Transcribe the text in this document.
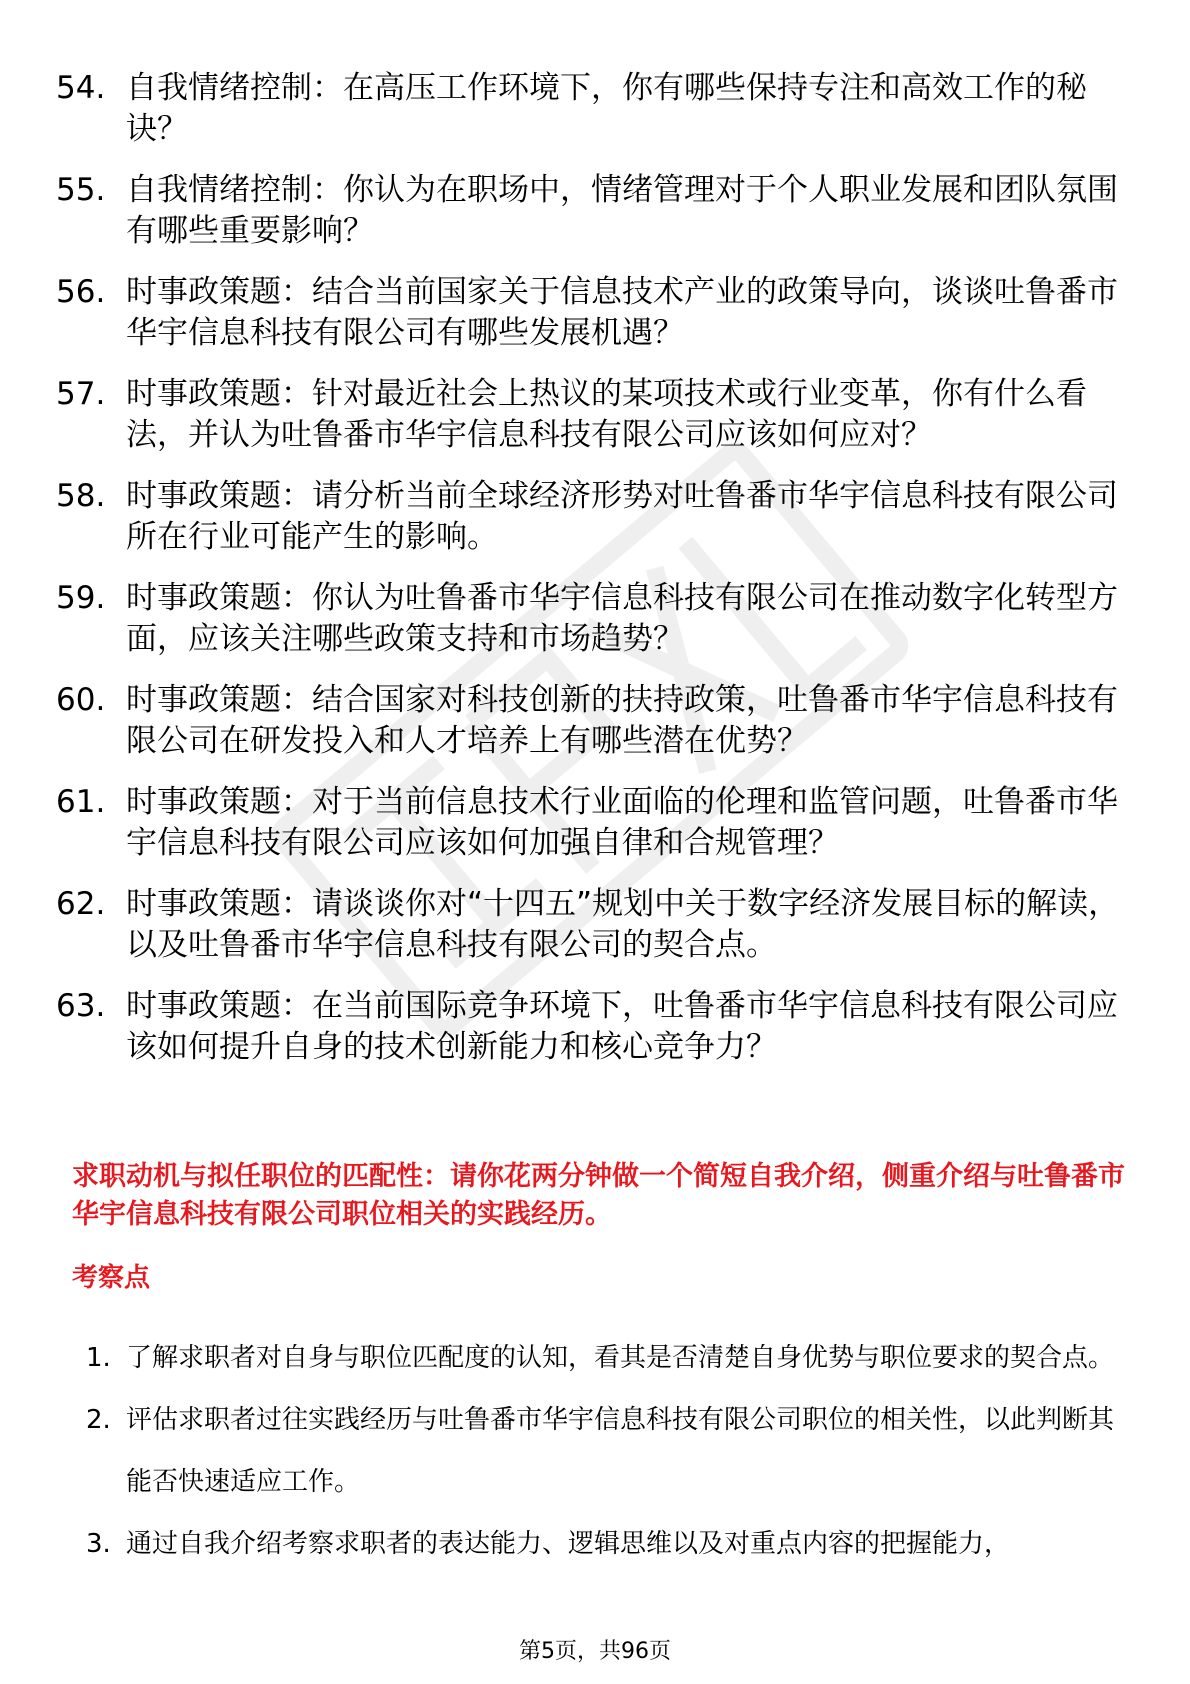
54. 自我情绪控制：在高压工作环境下，你有哪些保持专注和高效工作的秘诀？
55. 自我情绪控制：你认为在职场中，情绪管理对于个人职业发展和团队氛围有哪些重要影响？
56. 时事政策题：结合当前国家关于信息技术产业的政策导向，谈谈吐鲁番市华宇信息科技有限公司有哪些发展机遇？
57. 时事政策题：针对最近社会上热议的某项技术或行业变革，你有什么看法，并认为吐鲁番市华宇信息科技有限公司应该如何应对？
58. 时事政策题：请分析当前全球经济形势对吐鲁番市华宇信息科技有限公司所在行业可能产生的影响。
59. 时事政策题：你认为吐鲁番市华宇信息科技有限公司在推动数字化转型方面，应该关注哪些政策支持和市场趋势？
60. 时事政策题：结合国家对科技创新的扶持政策，吐鲁番市华宇信息科技有限公司在研发投入和人才培养上有哪些潜在优势？
61. 时事政策题：对于当前信息技术行业面临的伦理和监管问题，吐鲁番市华宇信息科技有限公司应该如何加强自律和合规管理？
62. 时事政策题：请谈谈你对“十四五”规划中关于数字经济发展目标的解读，以及吐鲁番市华宇信息科技有限公司的契合点。
63. 时事政策题：在当前国际竞争环境下，吐鲁番市华宇信息科技有限公司应该如何提升自身的技术创新能力和核心竞争力？
求职动机与拟任职位的匹配性：请你花两分钟做一个简短自我介绍，侧重介绍与吐鲁番市华宇信息科技有限公司职位相关的实践经历。
考察点
1. 了解求职者对自身与职位匹配度的认知，看其是否清楚自身优势与职位要求的契合点。
2. 评估求职者过往实践经历与吐鲁番市华宇信息科技有限公司职位的相关性，以此判断其能否快速适应工作。
3. 通过自我介绍考察求职者的表达能力、逻辑思维以及对重点内容的把握能力，
第5页，共96页
